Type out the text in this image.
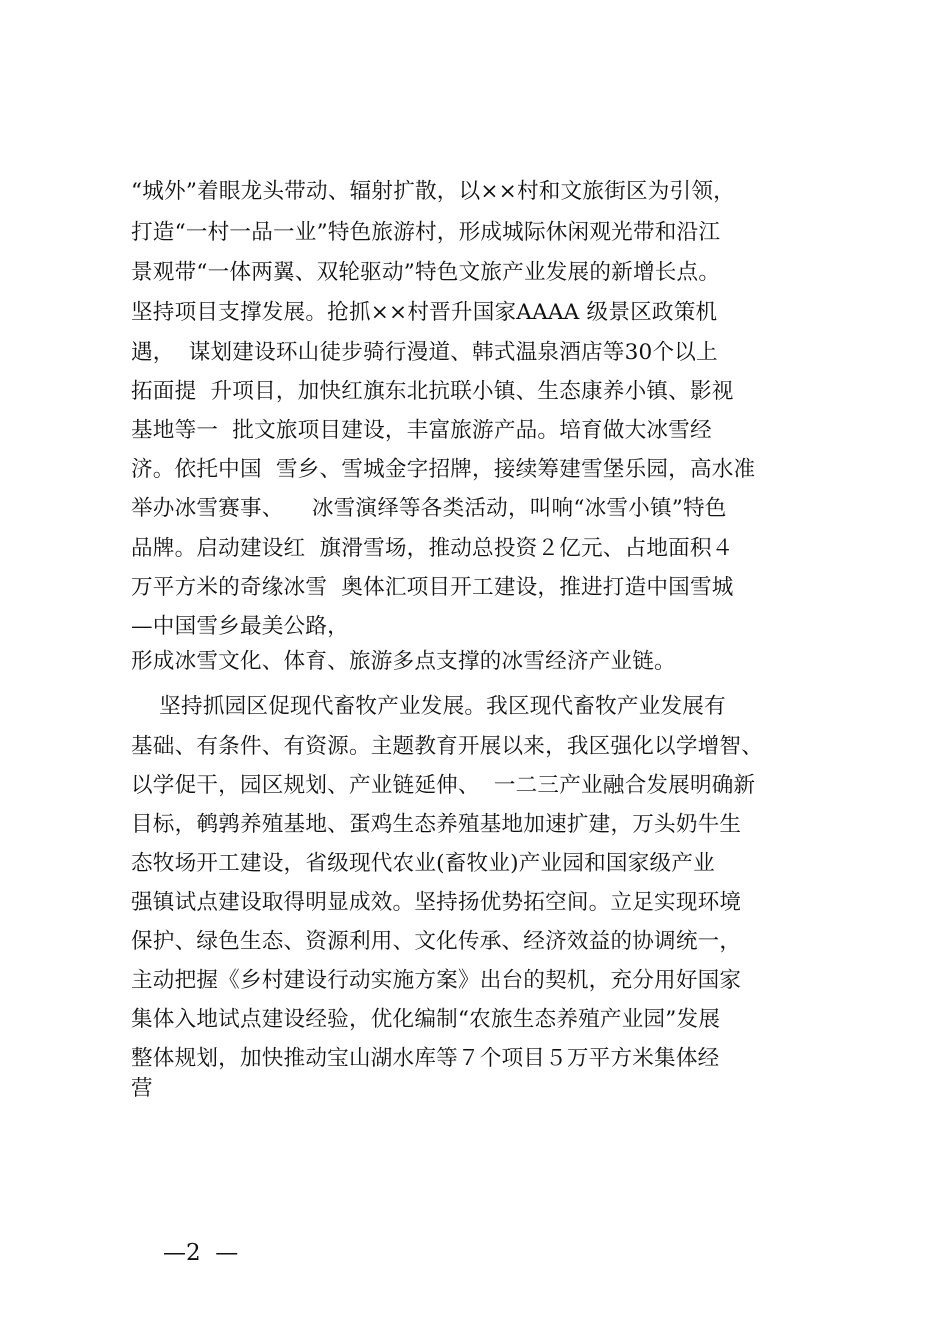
“城外”着眼龙头带动、辐射扩散，以××村和文旅街区为引领，
打造“一村一品一业”特色旅游村，形成城际休闲观光带和沿江
景观带“一体两翼、双轮驱动”特色文旅产业发展的新增长点。
坚持项目支撑发展。抢抓××村晋升国家AAAA 级景区政策机
遇，  谋划建设环山徒步骑行漫道、韩式温泉酒店等30个以上
拓面提  升项目，加快红旗东北抗联小镇、生态康养小镇、影视
基地等一  批文旅项目建设，丰富旅游产品。培育做大冰雪经
济。依托中国  雪乡、雪城金字招牌，接续筹建雪堡乐园，高水准
举办冰雪赛事、    冰雪演绎等各类活动，叫响“冰雪小镇”特色
品牌。启动建设红  旗滑雪场，推动总投资２亿元、占地面积４
万平方米的奇缘冰雪  奥体汇项目开工建设，推进打造中国雪城
—中国雪乡最美公路，
形成冰雪文化、体育、旅游多点支撑的冰雪经济产业链。
坚持抓园区促现代畜牧产业发展。我区现代畜牧产业发展有
基础、有条件、有资源。主题教育开展以来，我区强化以学增智、
以学促干，园区规划、产业链延伸、  一二三产业融合发展明确新
目标，鹌鹑养殖基地、蛋鸡生态养殖基地加速扩建，万头奶牛生
态牧场开工建设，省级现代农业(畜牧业)产业园和国家级产业
强镇试点建设取得明显成效。坚持扬优势拓空间。立足实现环境
保护、绿色生态、资源利用、文化传承、经济效益的协调统一，
主动把握《乡村建设行动实施方案》出台的契机，充分用好国家
集体入地试点建设经验，优化编制“农旅生态养殖产业园”发展
整体规划，加快推动宝山湖水库等７个项目５万平方米集体经
营
—2  —
